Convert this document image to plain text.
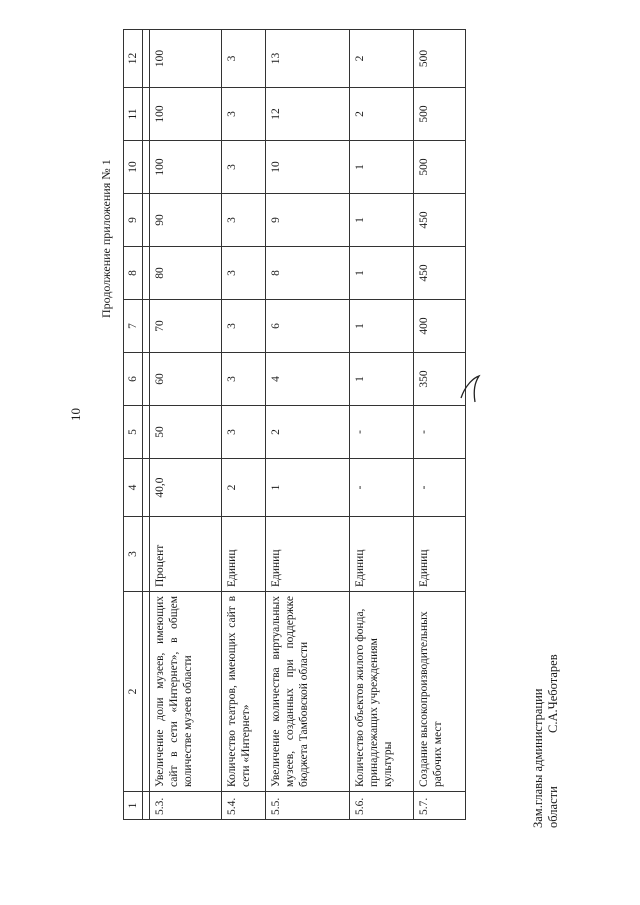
10
Продолжение приложения № 1
1	2	3	4	5	6	7	8	9	10	11	12

5.3.	Увеличение доли музеев, имеющих сайт в сети «Интернет», в общем количестве музеев области	Процент	40,0	50	60	70	80	90	100	100	100
5.4.	Количество театров, имеющих сайт в сети «Интернет»	Единиц	2	3	3	3	3	3	3	3	3
5.5.	Увеличение количества виртуальных музеев, созданных при поддержке бюджета Тамбовской области	Единиц	1	2	4	6	8	9	10	12	13
5.6.	Количество объектов жилого фонда, принадлежащих учреждениям культуры	Единиц	-	-	1	1	1	1	1	2	2
5.7.	Создание высокопроизводительных рабочих мест	Единиц	-	-	350	400	450	450	500	500	500
Зам.главы администрации области
С.А.Чеботарев
